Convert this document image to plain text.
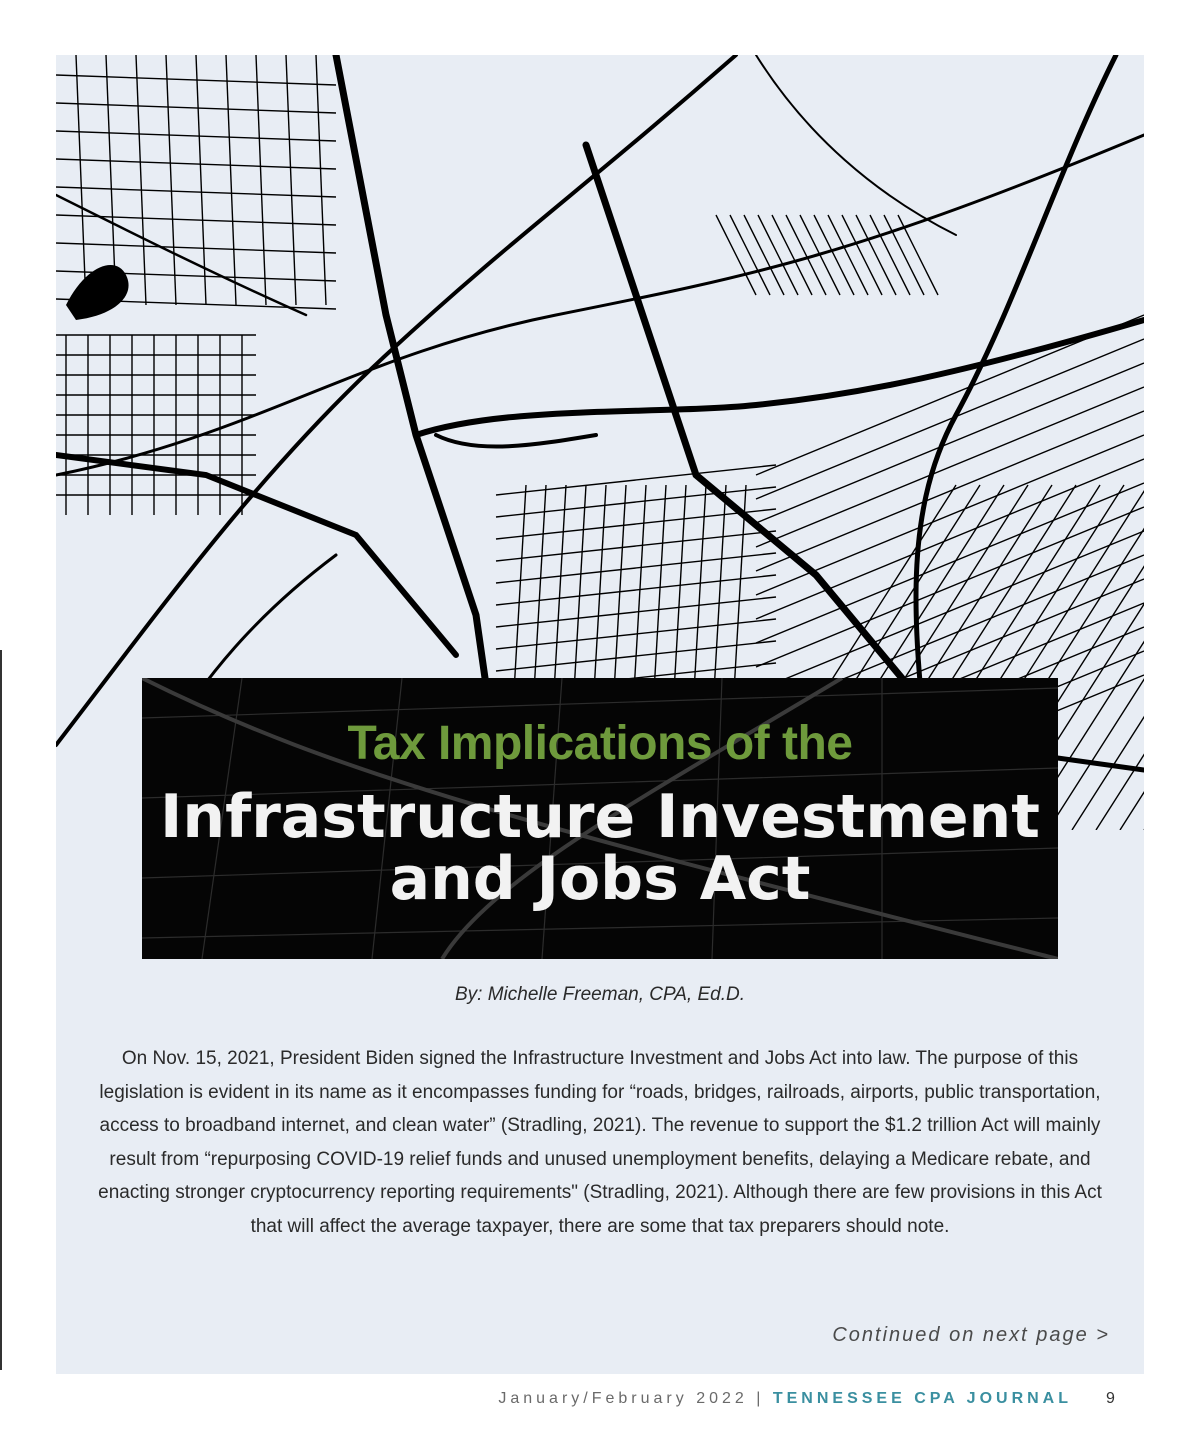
Tax Implications of the
Infrastructure Investment
and Jobs Act
By: Michelle Freeman, CPA, Ed.D.
On Nov. 15, 2021, President Biden signed the Infrastructure Investment and Jobs Act into law. The purpose of this legislation is evident in its name as it encompasses funding for “roads, bridges, railroads, airports, public transportation, access to broadband internet, and clean water” (Stradling, 2021). The revenue to support the $1.2 trillion Act will mainly result from “repurposing COVID-19 relief funds and unused unemployment benefits, delaying a Medicare rebate, and enacting stronger cryptocurrency reporting requirements" (Stradling, 2021). Although there are few provisions in this Act that will affect the average taxpayer, there are some that tax preparers should note.
Continued on next page >
January/February 2022 | TENNESSEE CPA JOURNAL 9
